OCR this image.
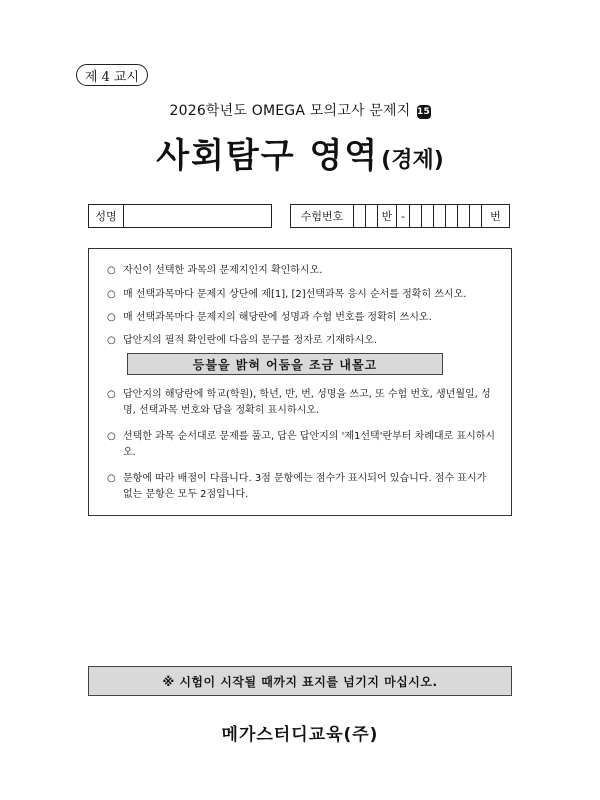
제 4 교시
2026학년도 OMEGA 모의고사 문제지 15
사회탐구 영역(경제)
성명	수험번호	반 -	번
○ 자신이 선택한 과목의 문제지인지 확인하시오.
○ 매 선택과목마다 문제지 상단에 제[1], [2]선택과목 응시 순서를 정확히 쓰시오.
○ 매 선택과목마다 문제지의 해당란에 성명과 수험 번호를 정확히 쓰시오.
○ 답안지의 필적 확인란에 다음의 문구를 정자로 기재하시오.
등불을 밝혀 어둠을 조금 내몰고
○ 답안지의 해당란에 학교(학원), 학년, 반, 번, 성명을 쓰고, 또 수험 번호, 생년월일, 성명, 선택과목 번호와 답을 정확히 표시하시오.
○ 선택한 과목 순서대로 문제를 풀고, 답은 답안지의 '제1선택'란부터 차례대로 표시하시오.
○ 문항에 따라 배점이 다릅니다. 3점 문항에는 점수가 표시되어 있습니다. 점수 표시가 없는 문항은 모두 2점입니다.
※ 시험이 시작될 때까지 표지를 넘기지 마십시오.
메가스터디교육(주)
